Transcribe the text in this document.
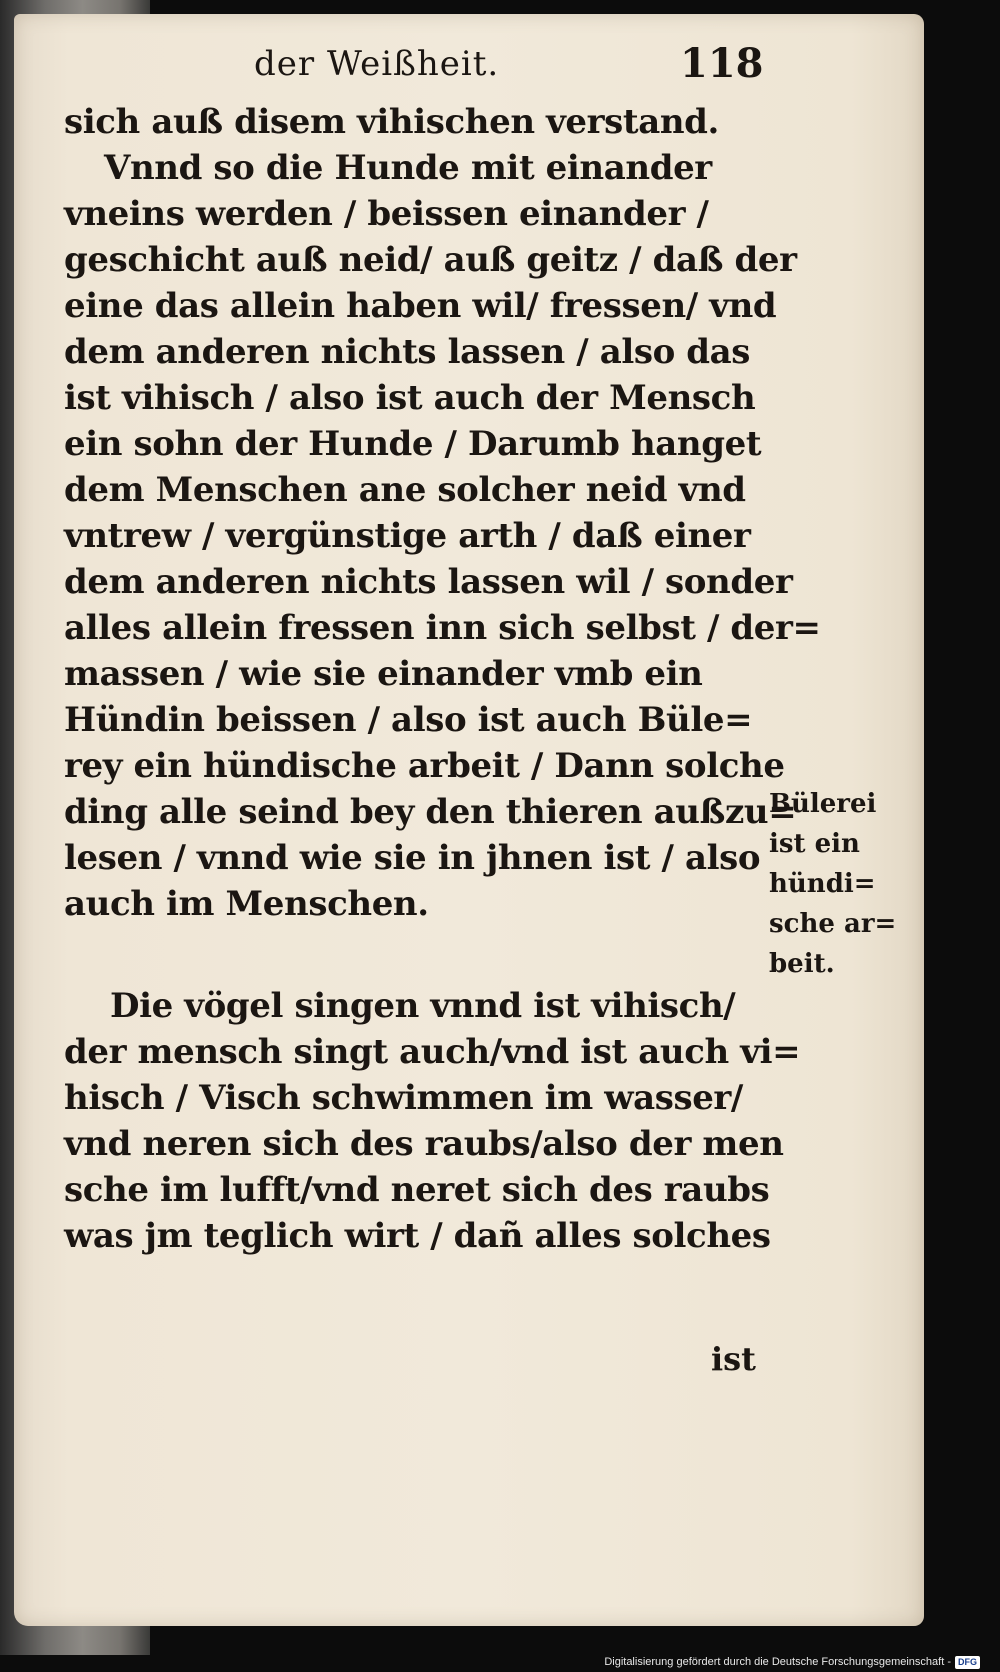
der Weißheit.	118
sich auß disem vihischen verstand.
Vnnd so die Hunde mit einander
vneins werden / beissen einander /
geschicht auß neid/ auß geitz / daß der
eine das allein haben wil/ fressen/ vnd
dem anderen nichts lassen / also das
ist vihisch / also ist auch der Mensch
ein sohn der Hunde / Darumb hanget
dem Menschen ane solcher neid vnd
vntrew / vergünstige arth / daß einer
dem anderen nichts lassen wil / sonder
alles allein fressen inn sich selbst / der=
massen / wie sie einander vmb ein
Hündin beissen / also ist auch Büle=
rey ein hündische arbeit / Dann solche
ding alle seind bey den thieren außzu=
lesen / vnnd wie sie in jhnen ist / also
auch im Menschen.
Die vögel singen vnnd ist vihisch/
der mensch singt auch/vnd ist auch vi=
hisch / Visch schwimmen im wasser/
vnd neren sich des raubs/also der men
sche im lufft/vnd neret sich des raubs
was jm teglich wirt / dañ alles solches
Bülerei
ist ein
hündi=
sche ar=
beit.
ist
Digitalisierung gefördert durch die Deutsche Forschungsgemeinschaft - DFG
